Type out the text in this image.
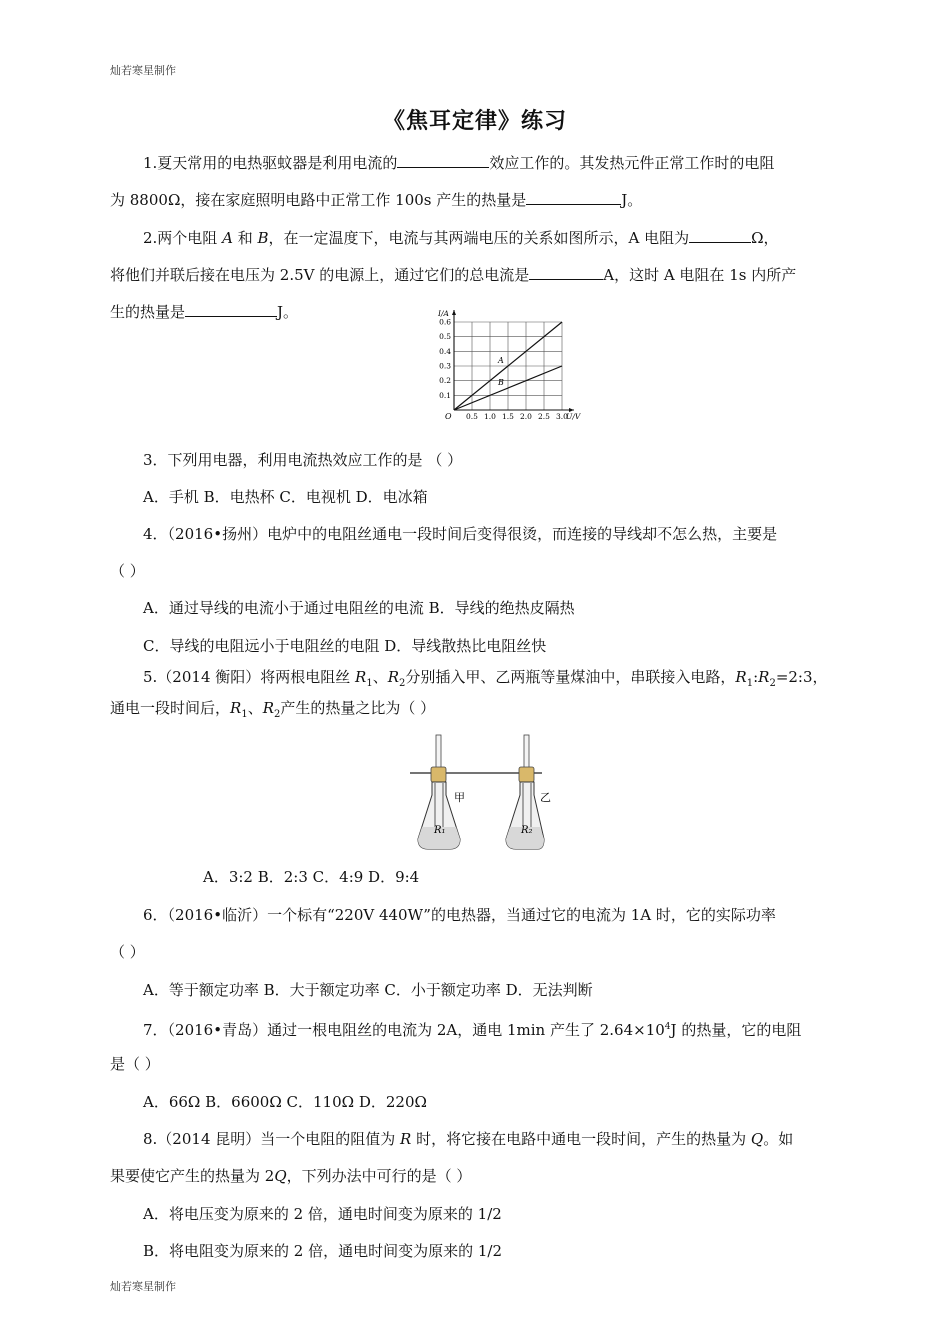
灿若寒星制作
《焦耳定律》练习
1.夏天常用的电热驱蚊器是利用电流的	效应工作的。其发热元件正常工作时的电阻
为 8800Ω，接在家庭照明电路中正常工作 100s 产生的热量是	J。
2.两个电阻 A 和 B，在一定温度下，电流与其两端电压的关系如图所示，A 电阻为	Ω，
将他们并联后接在电压为 2.5V 的电源上，通过它们的总电流是	A，这时 A 电阻在 1s 内所产
生的热量是	J。
0.5 1.0 1.5 2.0 2.5 3.0
0.1
0.2
0.3
0.4
0.5
0.6
O	U/V
I/A
A
B
3．下列用电器，利用电流热效应工作的是 （ ）
A．手机 B．电热杯 C．电视机 D．电冰箱
4．（2016•扬州）电炉中的电阻丝通电一段时间后变得很烫，而连接的导线却不怎么热，主要是
（ ）
A．通过导线的电流小于通过电阻丝的电流 B．导线的绝热皮隔热
C．导线的电阻远小于电阻丝的电阻 D．导线散热比电阻丝快
5.（2014 衡阳）将两根电阻丝 $R_1$、$R_2$分别插入甲、乙两瓶等量煤油中，串联接入电路，$R_1:R_2=2:3$，
通电一段时间后，$R_1$、$R_2$产生的热量之比为（ ）
R₁
甲
R₂
乙
A．3:2 B．2:3 C．4:9 D．9:4
6．（2016•临沂）一个标有“220V 440W”的电热器，当通过它的电流为 1A 时，它的实际功率
（ ）
A．等于额定功率 B．大于额定功率 C．小于额定功率 D．无法判断
7．（2016•青岛）通过一根电阻丝的电流为 2A，通电 1min 产生了 $2.64\times 10^4J$ 的热量，它的电阻
是（ ）
A．66Ω B．6600Ω C．110Ω D．220Ω
8.（2014 昆明）当一个电阻的阻值为 R 时，将它接在电路中通电一段时间，产生的热量为 Q。如
果要使它产生的热量为 2Q，下列办法中可行的是（ ）
A．将电压变为原来的 2 倍，通电时间变为原来的 1/2
B．将电阻变为原来的 2 倍，通电时间变为原来的 1/2
灿若寒星制作
